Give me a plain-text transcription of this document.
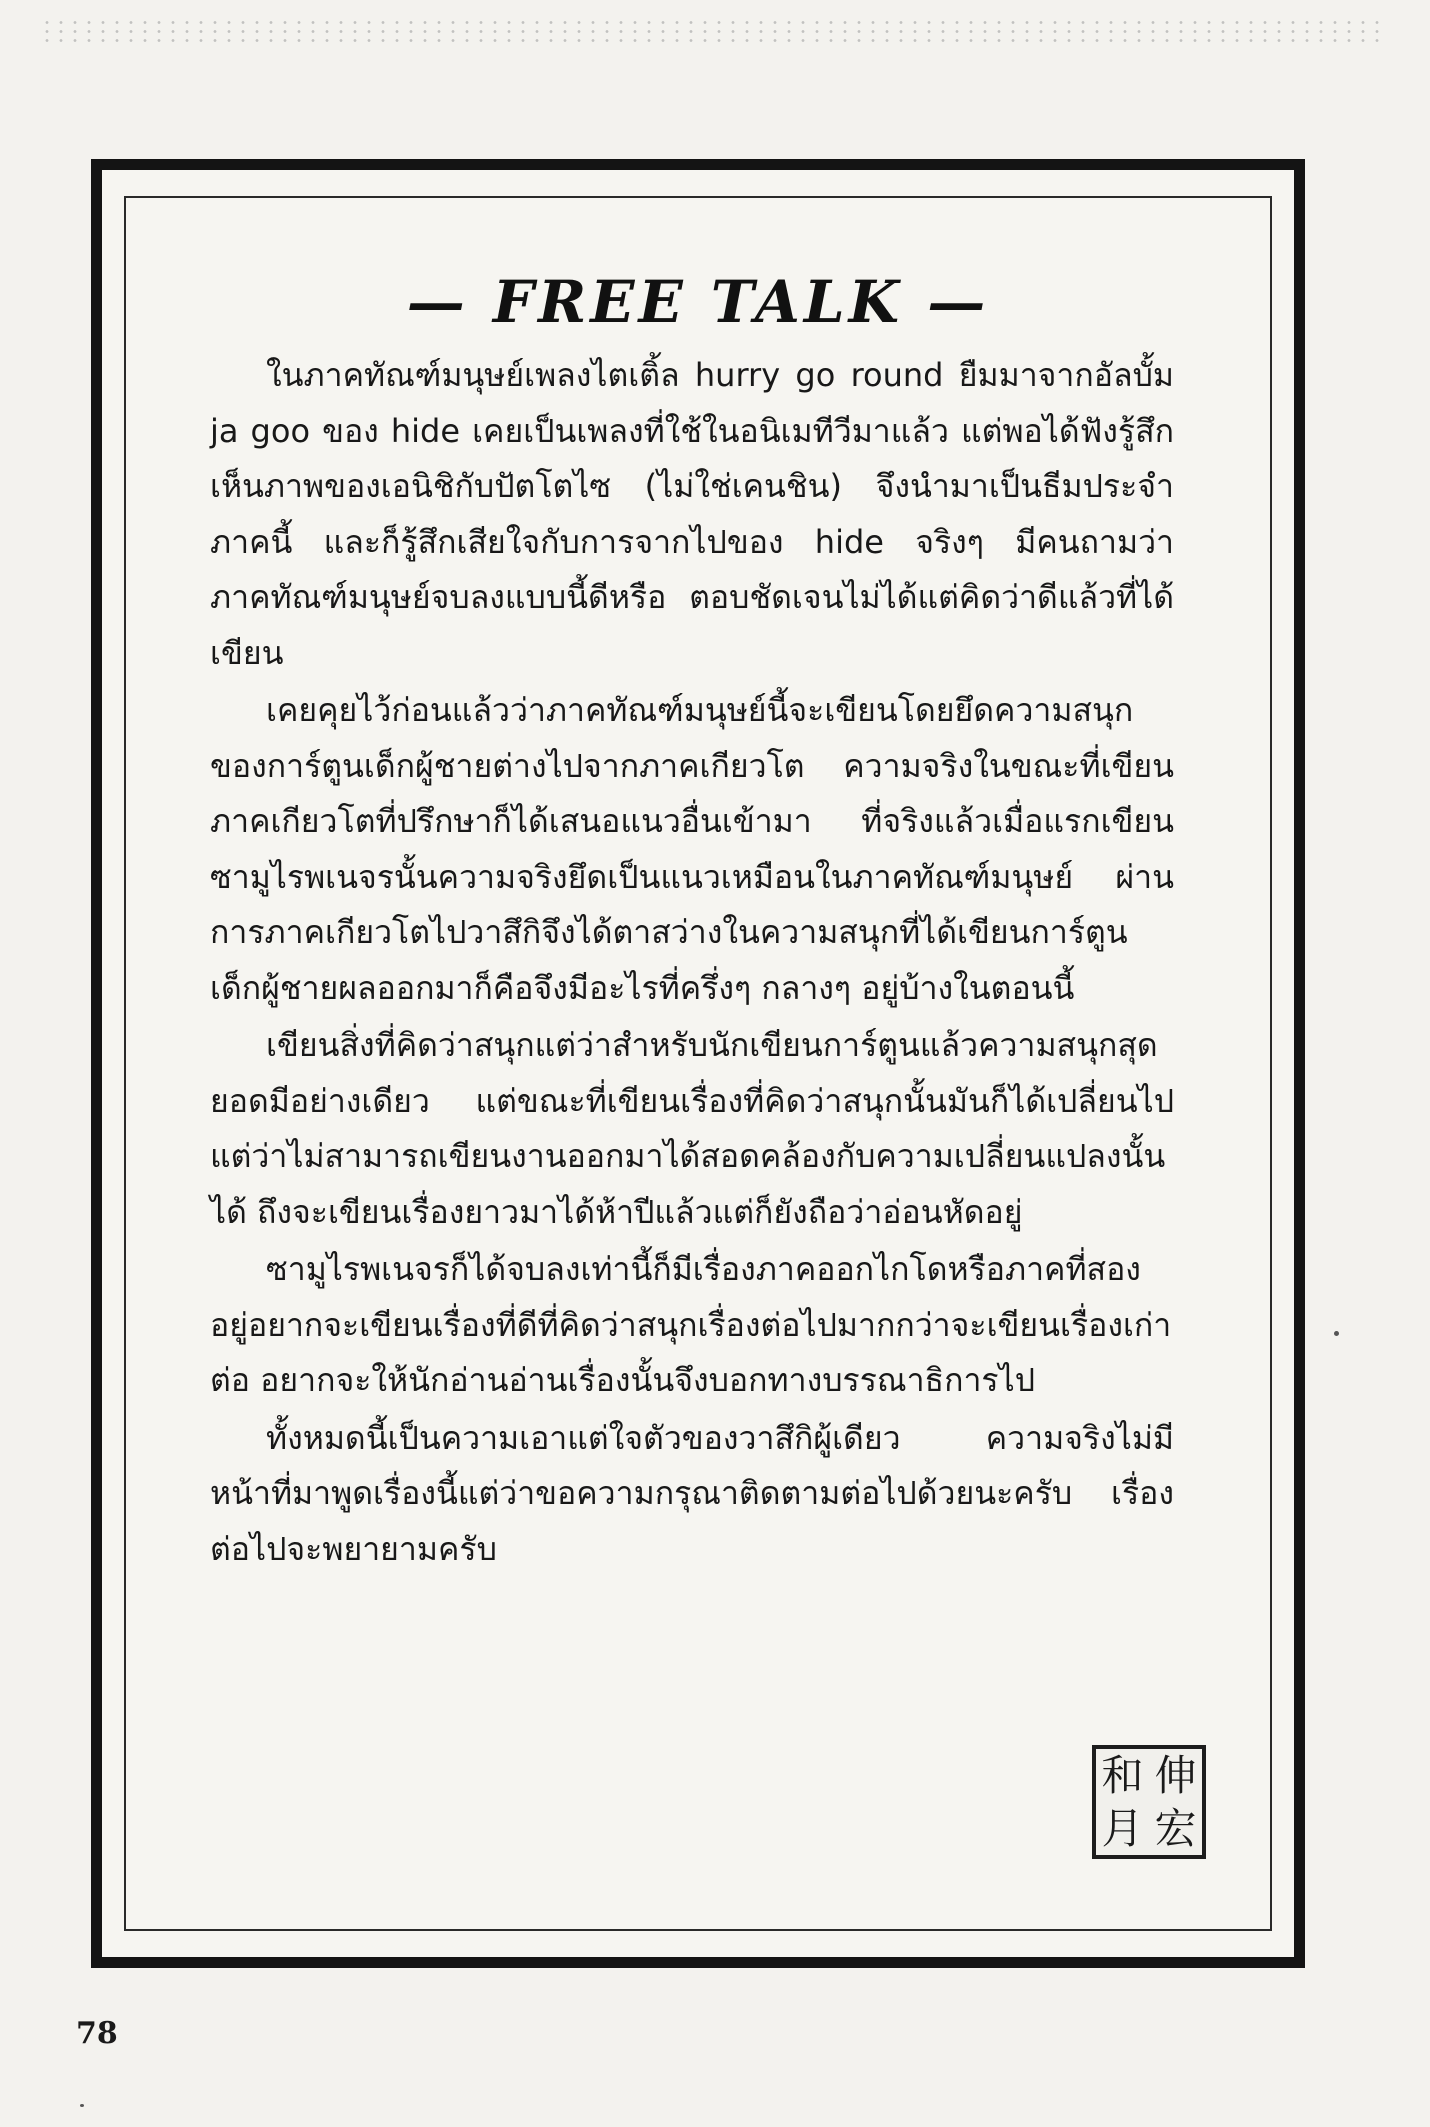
— FREE TALK —

ในภาคทัณฑ์มนุษย์เพลงไตเติ้ล hurry go round ยืมมาจากอัลบั้ม ja goo ของ hide เคยเป็นเพลงที่ใช้ในอนิเมทีวีมาแล้ว แต่พอได้ฟังรู้สึกเห็นภาพของเอนิชิกับปัตโตไซ (ไม่ใช่เคนชิน) จึงนำมาเป็นธีมประจำภาคนี้ และก็รู้สึกเสียใจกับการจากไปของ hide จริงๆ มีคนถามว่าภาคทัณฑ์มนุษย์จบลงแบบนี้ดีหรือ ตอบชัดเจนไม่ได้แต่คิดว่าดีแล้วที่ได้เขียน

เคยคุยไว้ก่อนแล้วว่าภาคทัณฑ์มนุษย์นี้จะเขียนโดยยึดความสนุกของการ์ตูนเด็กผู้ชายต่างไปจากภาคเกียวโต ความจริงในขณะที่เขียนภาคเกียวโตที่ปรึกษาก็ได้เสนอแนวอื่นเข้ามา ที่จริงแล้วเมื่อแรกเขียนซามูไรพเนจรนั้นความจริงยึดเป็นแนวเหมือนในภาคทัณฑ์มนุษย์ ผ่านการภาคเกียวโตไปวาสึกิจึงได้ตาสว่างในความสนุกที่ได้เขียนการ์ตูนเด็กผู้ชายผลออกมาก็คือจึงมีอะไรที่ครึ่งๆ กลางๆ อยู่บ้างในตอนนี้

เขียนสิ่งที่คิดว่าสนุกแต่ว่าสำหรับนักเขียนการ์ตูนแล้วความสนุกสุดยอดมีอย่างเดียว แต่ขณะที่เขียนเรื่องที่คิดว่าสนุกนั้นมันก็ได้เปลี่ยนไปแต่ว่าไม่สามารถเขียนงานออกมาได้สอดคล้องกับความเปลี่ยนแปลงนั้นได้ ถึงจะเขียนเรื่องยาวมาได้ห้าปีแล้วแต่ก็ยังถือว่าอ่อนหัดอยู่

ซามูไรพเนจรก็ได้จบลงเท่านี้ก็มีเรื่องภาคออกไกโดหรือภาคที่สองอยู่อยากจะเขียนเรื่องที่ดีที่คิดว่าสนุกเรื่องต่อไปมากกว่าจะเขียนเรื่องเก่าต่อ อยากจะให้นักอ่านอ่านเรื่องนั้นจึงบอกทางบรรณาธิการไป

ทั้งหมดนี้เป็นความเอาแต่ใจตัวของวาสึกิผู้เดียว ความจริงไม่มีหน้าที่มาพูดเรื่องนี้แต่ว่าขอความกรุณาติดตามต่อไปด้วยนะครับ เรื่องต่อไปจะพยายามครับ

和 伸
月 宏
78
